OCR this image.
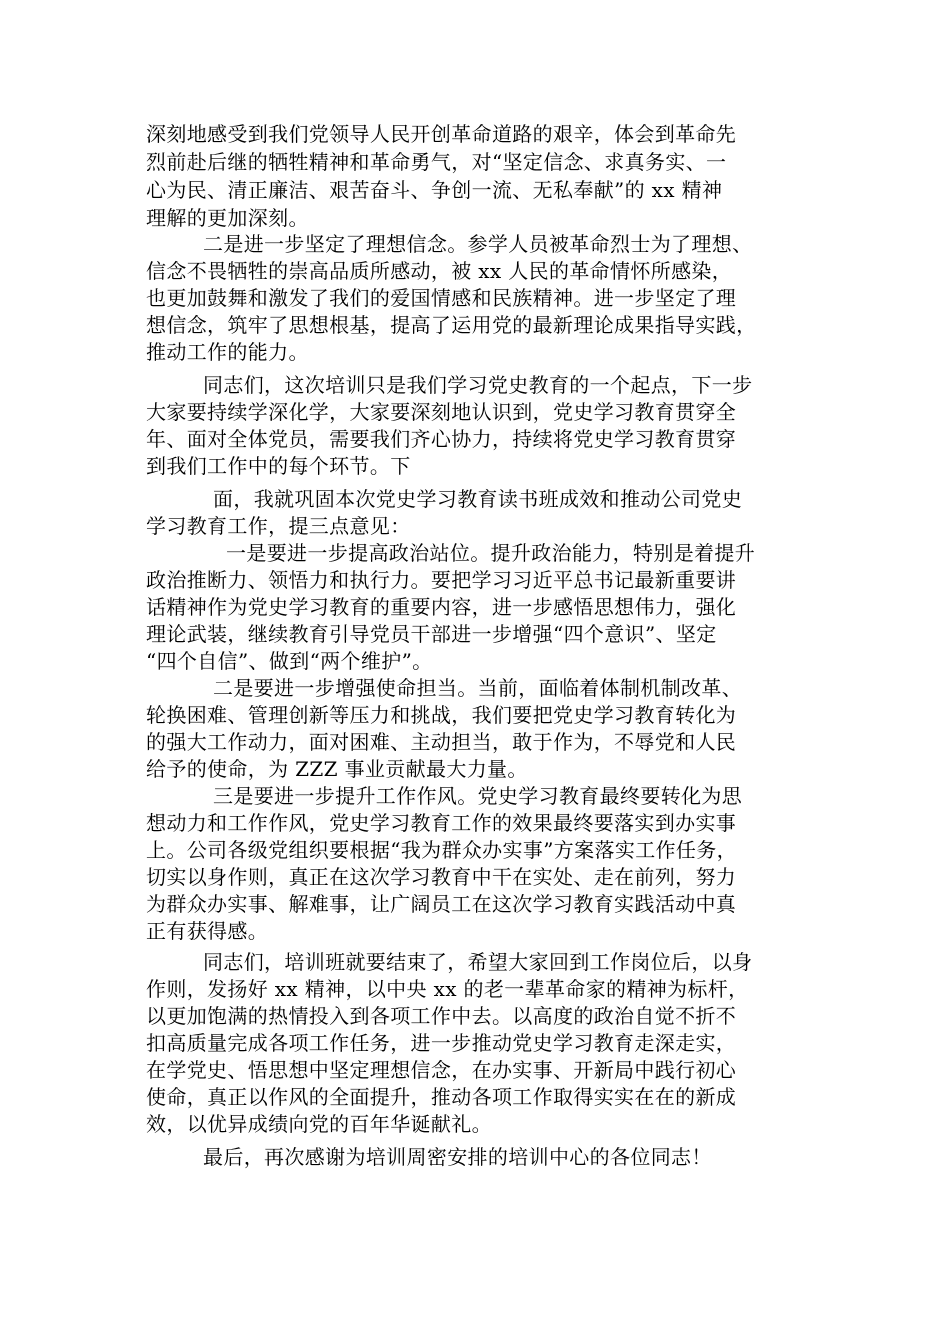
深刻地感受到我们党领导人民开创革命道路的艰辛，体会到革命先
烈前赴后继的牺牲精神和革命勇气，对“坚定信念、求真务实、一
心为民、清正廉洁、艰苦奋斗、争创一流、无私奉献”的 xx 精神
理解的更加深刻。
二是进一步坚定了理想信念。参学人员被革命烈士为了理想、
信念不畏牺牲的崇高品质所感动，被 xx 人民的革命情怀所感染，
也更加鼓舞和激发了我们的爱国情感和民族精神。进一步坚定了理
想信念，筑牢了思想根基，提高了运用党的最新理论成果指导实践，
推动工作的能力。
同志们，这次培训只是我们学习党史教育的一个起点，下一步
大家要持续学深化学，大家要深刻地认识到，党史学习教育贯穿全
年、面对全体党员，需要我们齐心协力，持续将党史学习教育贯穿
到我们工作中的每个环节。下
面，我就巩固本次党史学习教育读书班成效和推动公司党史
学习教育工作，提三点意见：
一是要进一步提高政治站位。提升政治能力，特别是着提升
政治推断力、领悟力和执行力。要把学习习近平总书记最新重要讲
话精神作为党史学习教育的重要内容，进一步感悟思想伟力，强化
理论武装，继续教育引导党员干部进一步增强“四个意识”、坚定
“四个自信”、做到“两个维护”。
二是要进一步增强使命担当。当前，面临着体制机制改革、
轮换困难、管理创新等压力和挑战，我们要把党史学习教育转化为
的强大工作动力，面对困难、主动担当，敢于作为，不辱党和人民
给予的使命，为 ZZZ 事业贡献最大力量。
三是要进一步提升工作作风。党史学习教育最终要转化为思
想动力和工作作风，党史学习教育工作的效果最终要落实到办实事
上。公司各级党组织要根据“我为群众办实事”方案落实工作任务，
切实以身作则，真正在这次学习教育中干在实处、走在前列，努力
为群众办实事、解难事，让广阔员工在这次学习教育实践活动中真
正有获得感。
同志们，培训班就要结束了，希望大家回到工作岗位后，以身
作则，发扬好 xx 精神，以中央 xx 的老一辈革命家的精神为标杆，
以更加饱满的热情投入到各项工作中去。以高度的政治自觉不折不
扣高质量完成各项工作任务，进一步推动党史学习教育走深走实，
在学党史、悟思想中坚定理想信念，在办实事、开新局中践行初心
使命，真正以作风的全面提升，推动各项工作取得实实在在的新成
效，以优异成绩向党的百年华诞献礼。
最后，再次感谢为培训周密安排的培训中心的各位同志！
